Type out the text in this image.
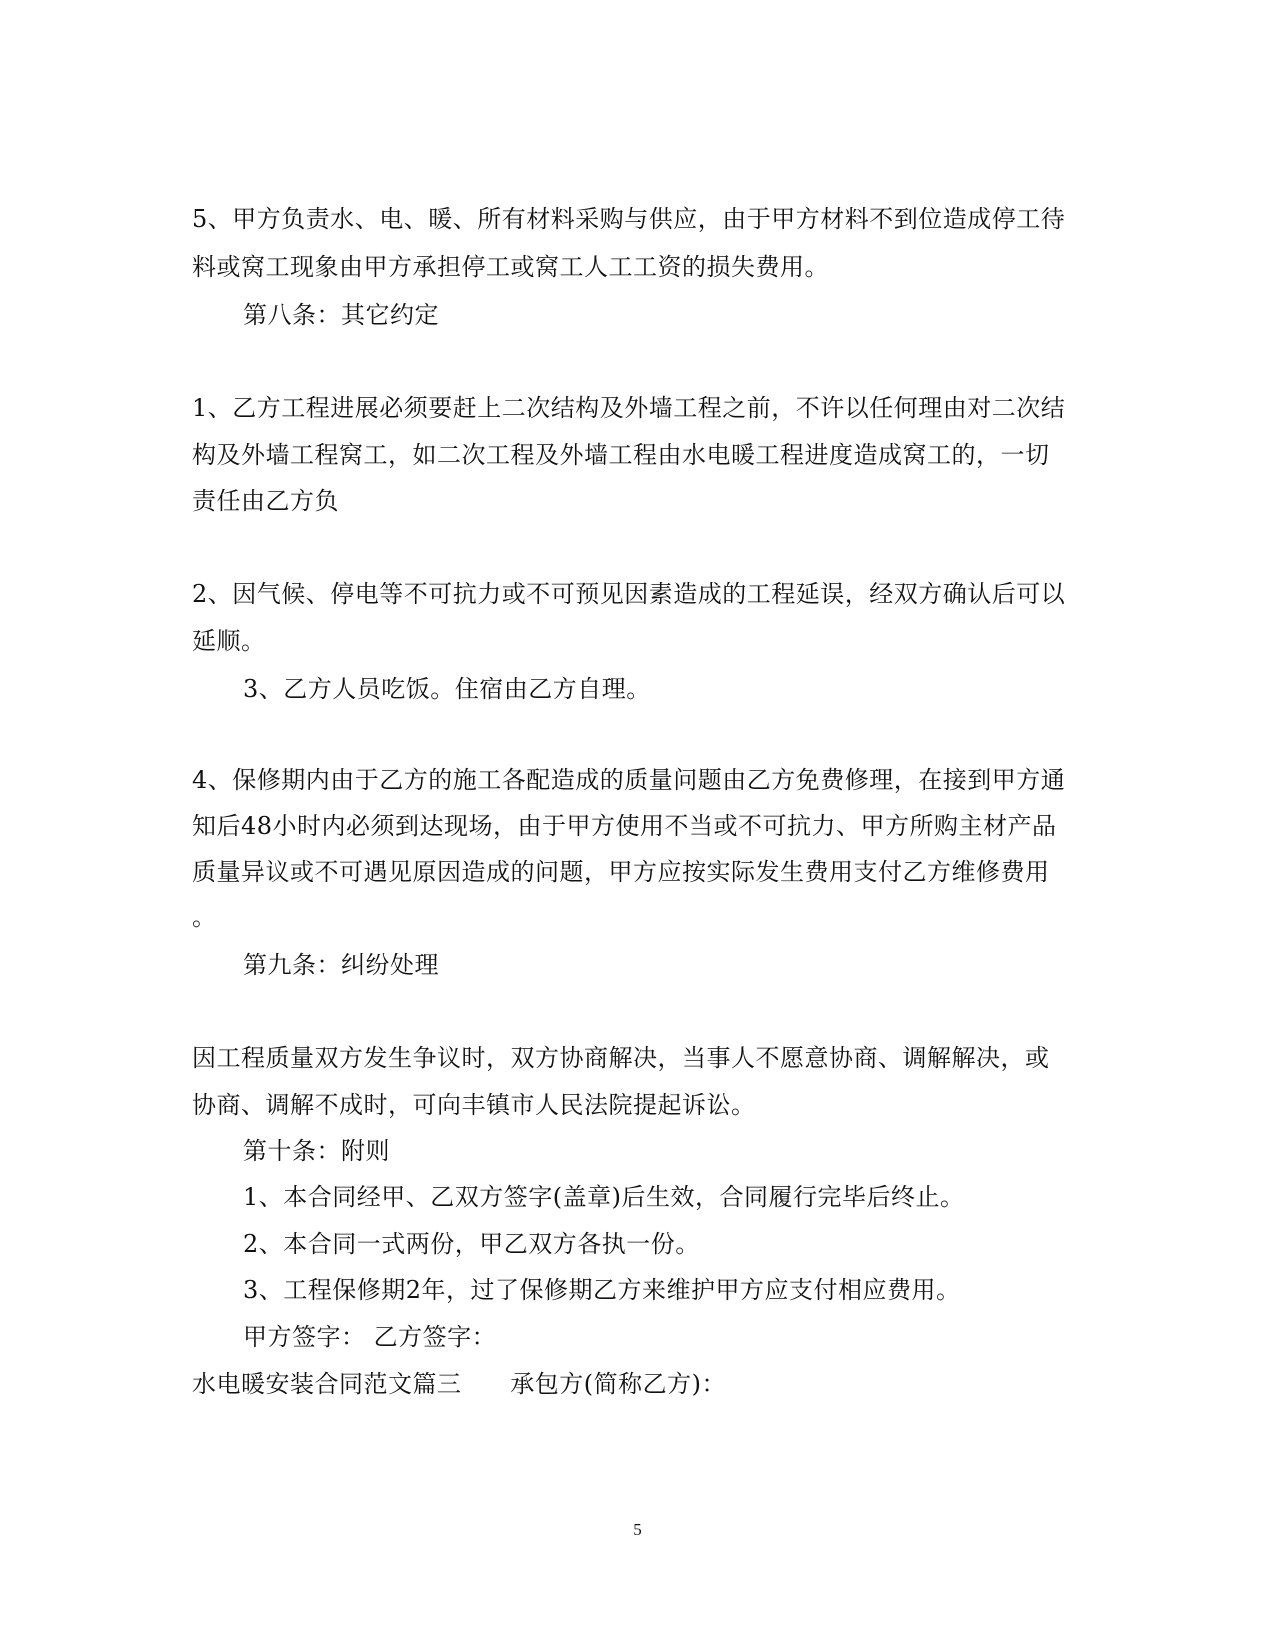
5、甲方负责水、电、暖、所有材料采购与供应，由于甲方材料不到位造成停工待
料或窝工现象由甲方承担停工或窝工人工工资的损失费用。
第八条：其它约定
1、乙方工程进展必须要赶上二次结构及外墙工程之前，不许以任何理由对二次结
构及外墙工程窝工，如二次工程及外墙工程由水电暖工程进度造成窝工的，一切
责任由乙方负
2、因气候、停电等不可抗力或不可预见因素造成的工程延误，经双方确认后可以
延顺。
3、乙方人员吃饭。住宿由乙方自理。
4、保修期内由于乙方的施工各配造成的质量问题由乙方免费修理，在接到甲方通
知后48小时内必须到达现场，由于甲方使用不当或不可抗力、甲方所购主材产品
质量异议或不可遇见原因造成的问题，甲方应按实际发生费用支付乙方维修费用
。
第九条：纠纷处理
因工程质量双方发生争议时，双方协商解决，当事人不愿意协商、调解解决，或
协商、调解不成时，可向丰镇市人民法院提起诉讼。
第十条：附则
1、本合同经甲、乙双方签字(盖章)后生效，合同履行完毕后终止。
2、本合同一式两份，甲乙双方各执一份。
3、工程保修期2年，过了保修期乙方来维护甲方应支付相应费用。
甲方签字： 乙方签字：
水电暖安装合同范文篇三      承包方(简称乙方)：
5
